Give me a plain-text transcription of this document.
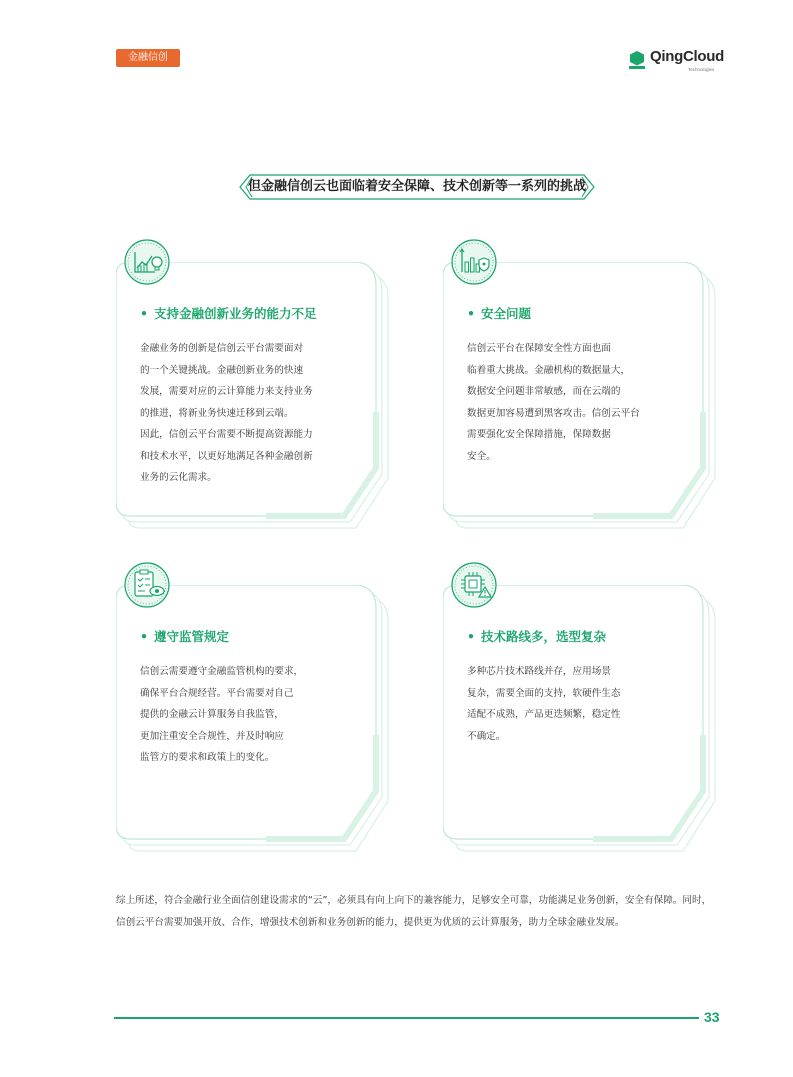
金融信创	QingCloud
Technologies
但金融信创云也面临着安全保障、技术创新等一系列的挑战
• 支持金融创新业务的能力不足
金融业务的创新是信创云平台需要面对
的一个关键挑战。金融创新业务的快速
发展，需要对应的云计算能力来支持业务
的推进，将新业务快速迁移到云端。
因此，信创云平台需要不断提高资源能力
和技术水平，以更好地满足各种金融创新
业务的云化需求。
• 安全问题
信创云平台在保障安全性方面也面
临着重大挑战。金融机构的数据量大，
数据安全问题非常敏感，而在云端的
数据更加容易遭到黑客攻击。信创云平台
需要强化安全保障措施，保障数据
安全。
• 遵守监管规定
信创云需要遵守金融监管机构的要求，
确保平台合规经营。平台需要对自己
提供的金融云计算服务自我监管，
更加注重安全合规性，并及时响应
监管方的要求和政策上的变化。
• 技术路线多，选型复杂
多种芯片技术路线并存，应用场景
复杂，需要全面的支持，软硬件生态
适配不成熟，产品更迭频繁，稳定性
不确定。
综上所述，符合金融行业全面信创建设需求的“云”，必须具有向上向下的兼容能力，足够安全可靠，功能满足业务创新，安全有保障。同时，
信创云平台需要加强开放、合作，增强技术创新和业务创新的能力，提供更为优质的云计算服务，助力全球金融业发展。
33
